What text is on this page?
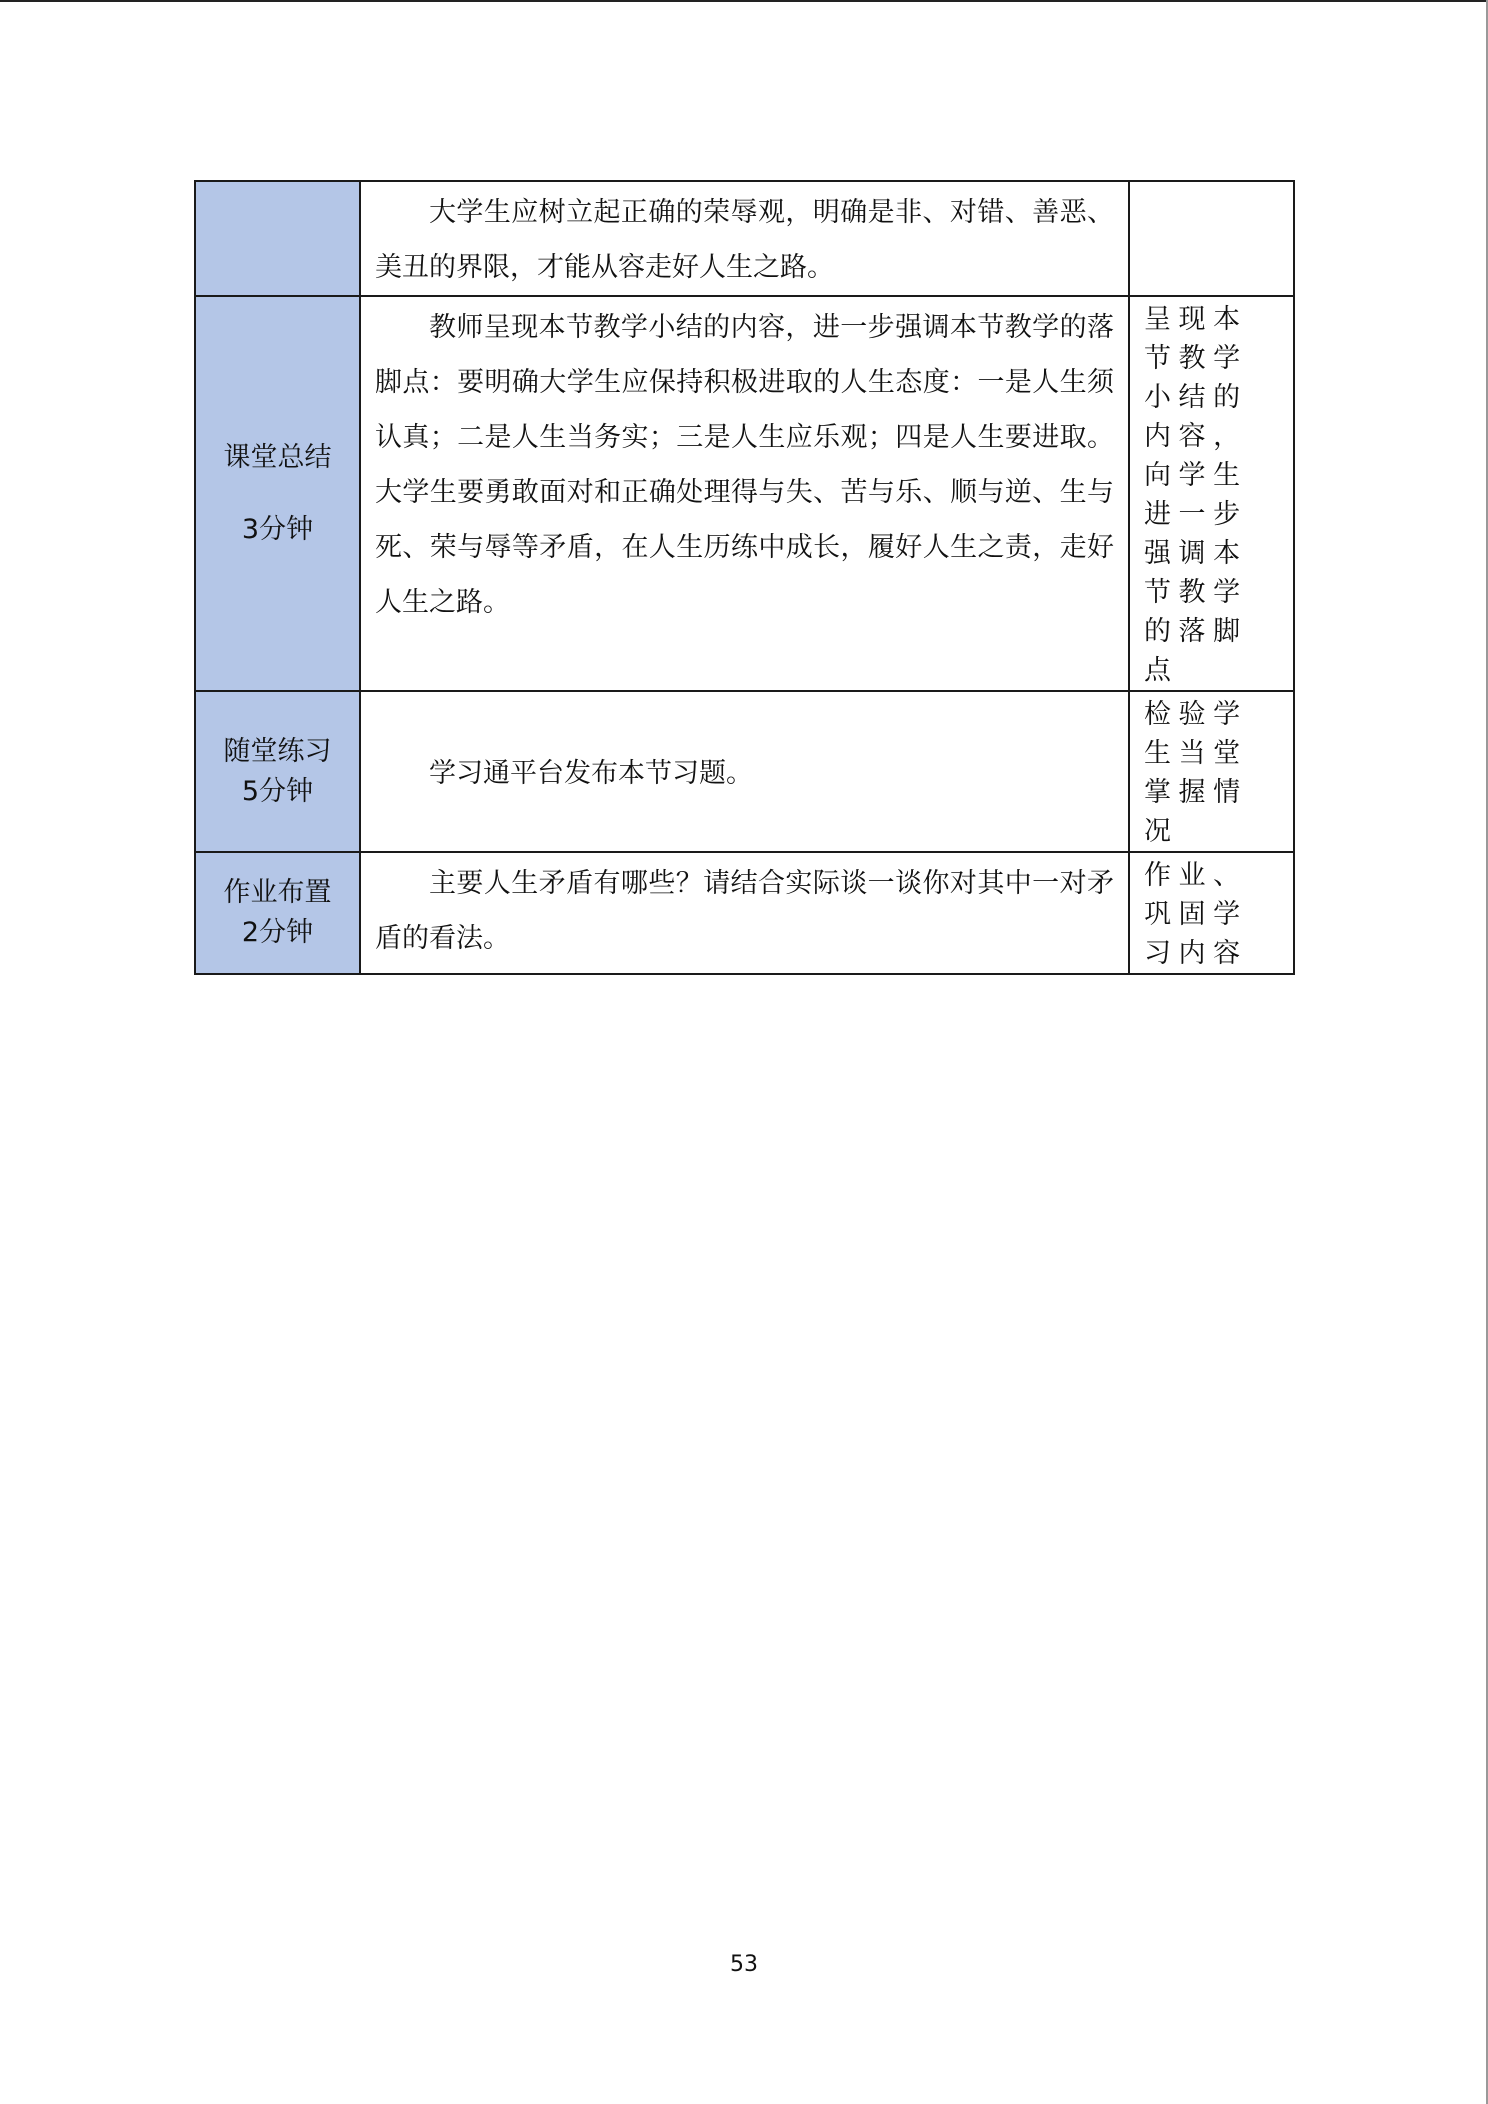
	大学生应树立起正确的荣辱观，明确是非、对错、善恶、美丑的界限，才能从容走好人生之路。	

课堂总结
3分钟	教师呈现本节教学小结的内容，进一步强调本节教学的落脚点：要明确大学生应保持积极进取的人生态度：一是人生须认真；二是人生当务实；三是人生应乐观；四是人生要进取。大学生要勇敢面对和正确处理得与失、苦与乐、顺与逆、生与死、荣与辱等矛盾，在人生历练中成长，履好人生之责，走好人生之路。	呈现本节教学小结的内容，向学生进一步强调本节教学的落脚点

随堂练习
5分钟	学习通平台发布本节习题。	检验学生当堂掌握情况

作业布置
2分钟	主要人生矛盾有哪些？请结合实际谈一谈你对其中一对矛盾的看法。	作业、巩固学习内容
53
